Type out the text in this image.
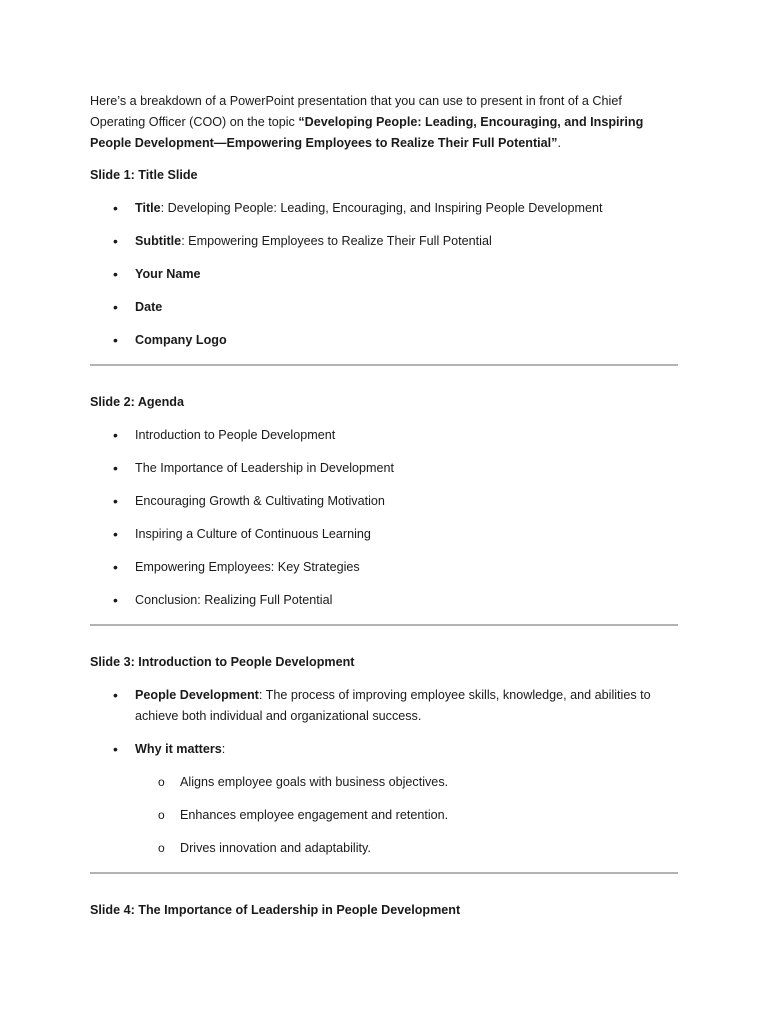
Here’s a breakdown of a PowerPoint presentation that you can use to present in front of a Chief Operating Officer (COO) on the topic “Developing People: Leading, Encouraging, and Inspiring People Development—Empowering Employees to Realize Their Full Potential”.

Slide 1: Title Slide

• Title: Developing People: Leading, Encouraging, and Inspiring People Development
• Subtitle: Empowering Employees to Realize Their Full Potential
• Your Name
• Date
• Company Logo

Slide 2: Agenda

• Introduction to People Development
• The Importance of Leadership in Development
• Encouraging Growth & Cultivating Motivation
• Inspiring a Culture of Continuous Learning
• Empowering Employees: Key Strategies
• Conclusion: Realizing Full Potential

Slide 3: Introduction to People Development

• People Development: The process of improving employee skills, knowledge, and abilities to achieve both individual and organizational success.
• Why it matters:
o Aligns employee goals with business objectives.
o Enhances employee engagement and retention.
o Drives innovation and adaptability.

Slide 4: The Importance of Leadership in People Development
